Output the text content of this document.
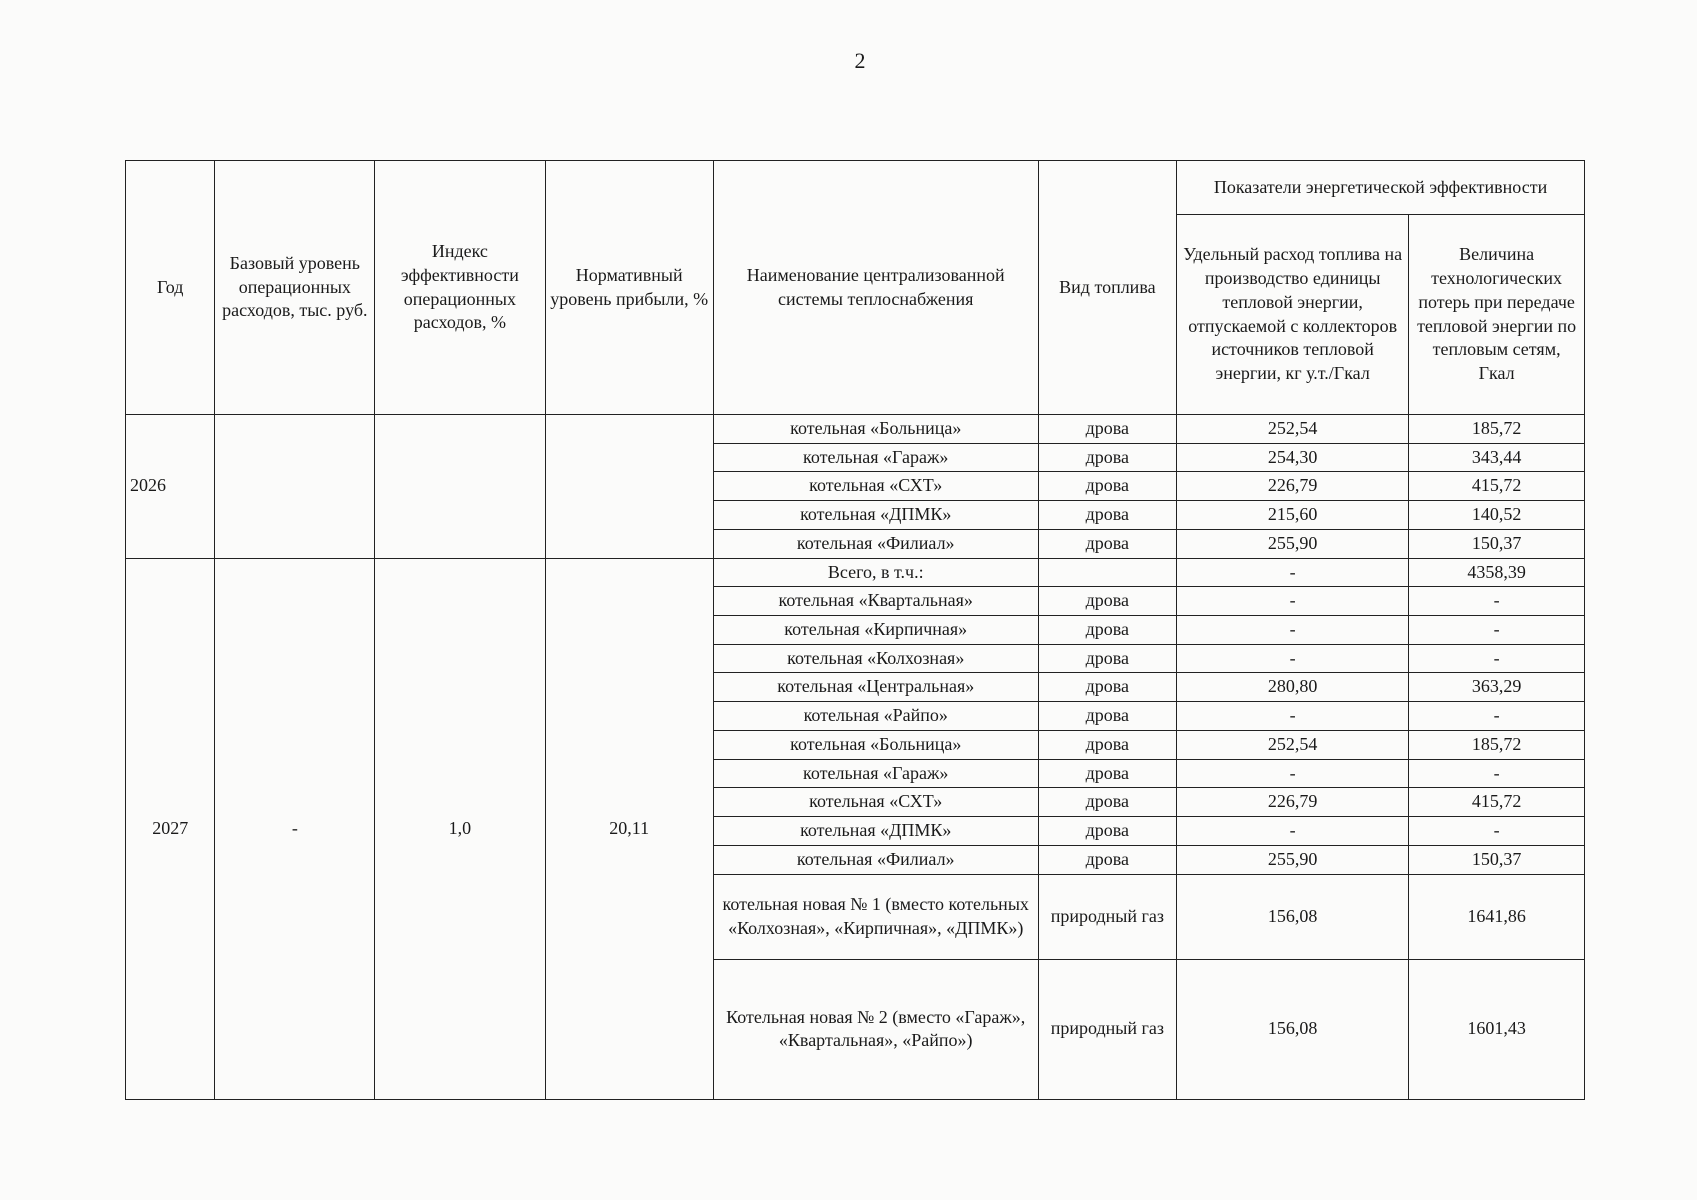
2
Год	Базовый уровень операционных расходов, тыс. руб.	Индекс эффективности операционных расходов, %	Нормативный уровень прибыли, %	Наименование централизованной системы теплоснабжения	Вид топлива	Показатели энергетической эффективности	
						Удельный расход топлива на производство единицы тепловой энергии, отпускаемой с коллекторов источников тепловой энергии, кг у.т./Гкал	Величина технологических потерь при передаче тепловой энергии по тепловым сетям, Гкал
2026				котельная «Больница»	дрова	252,54	185,72
				котельная «Гараж»	дрова	254,30	343,44
				котельная «СХТ»	дрова	226,79	415,72
				котельная «ДПМК»	дрова	215,60	140,52
				котельная «Филиал»	дрова	255,90	150,37
2027	-	1,0	20,11	Всего, в т.ч.:		-	4358,39
				котельная «Квартальная»	дрова	-	-
				котельная «Кирпичная»	дрова	-	-
				котельная «Колхозная»	дрова	-	-
				котельная «Центральная»	дрова	280,80	363,29
				котельная «Райпо»	дрова	-	-
				котельная «Больница»	дрова	252,54	185,72
				котельная «Гараж»	дрова	-	-
				котельная «СХТ»	дрова	226,79	415,72
				котельная «ДПМК»	дрова	-	-
				котельная «Филиал»	дрова	255,90	150,37
				котельная новая № 1 (вместо котельных «Колхозная», «Кирпичная», «ДПМК»)	природный газ	156,08	1641,86
				Котельная новая № 2 (вместо «Гараж», «Квартальная», «Райпо»)	природный газ	156,08	1601,43
